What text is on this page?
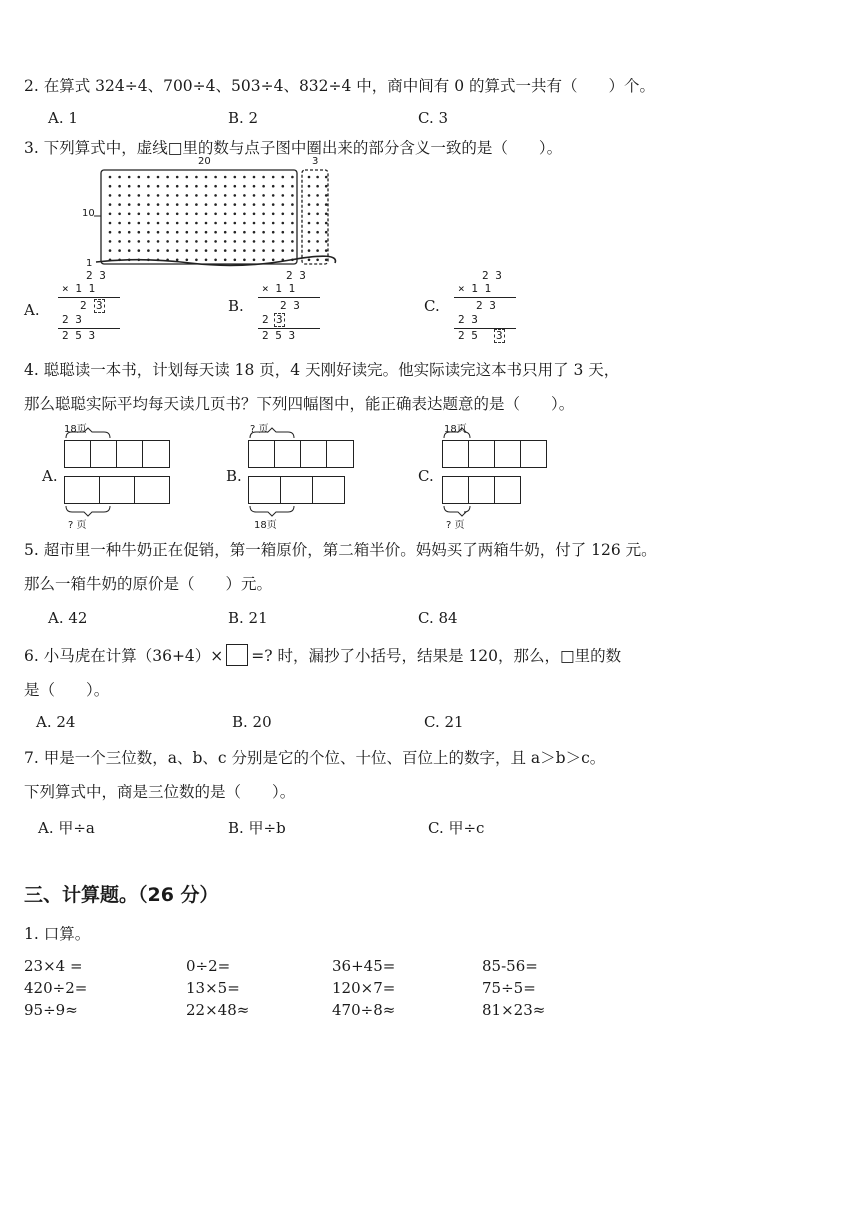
2. 在算式 324÷4、700÷4、503÷4、832÷4 中，商中间有 0 的算式一共有（　　）个。
A. 1	B. 2	C. 3
3. 下列算式中，虚线□里的数与点子图中圈出来的部分含义一致的是（　　）。
20	3
10
1
A.
2 3
× 1 1
2 3
2 3
2 5 3
B.
2 3
× 1 1
2 3
2 3
2 5 3
C.
2 3
× 1 1
2 3
2 3
2 5 3
4. 聪聪读一本书，计划每天读 18 页，4 天刚好读完。他实际读完这本书只用了 3 天，
那么聪聪实际平均每天读几页书？下列四幅图中，能正确表达题意的是（　　）。
A.
18页
? 页
B.
? 页
18页
C.
18页
? 页
5. 超市里一种牛奶正在促销，第一箱原价，第二箱半价。妈妈买了两箱牛奶，付了 126 元。
那么一箱牛奶的原价是（　　）元。
A. 42	B. 21	C. 84
6. 小马虎在计算（36+4）× =? 时，漏抄了小括号，结果是 120，那么，□里的数
是（　　）。
A. 24	B. 20	C. 21
7. 甲是一个三位数，a、b、c 分别是它的个位、十位、百位上的数字，且 a＞b＞c。
下列算式中，商是三位数的是（　　）。
A. 甲÷a	B. 甲÷b	C. 甲÷c
三、计算题。（26 分）
1. 口算。
23×4 =	0÷2=	36+45=	85-56=
420÷2=	13×5=	120×7=	75÷5=
95÷9≈	22×48≈	470÷8≈	81×23≈
